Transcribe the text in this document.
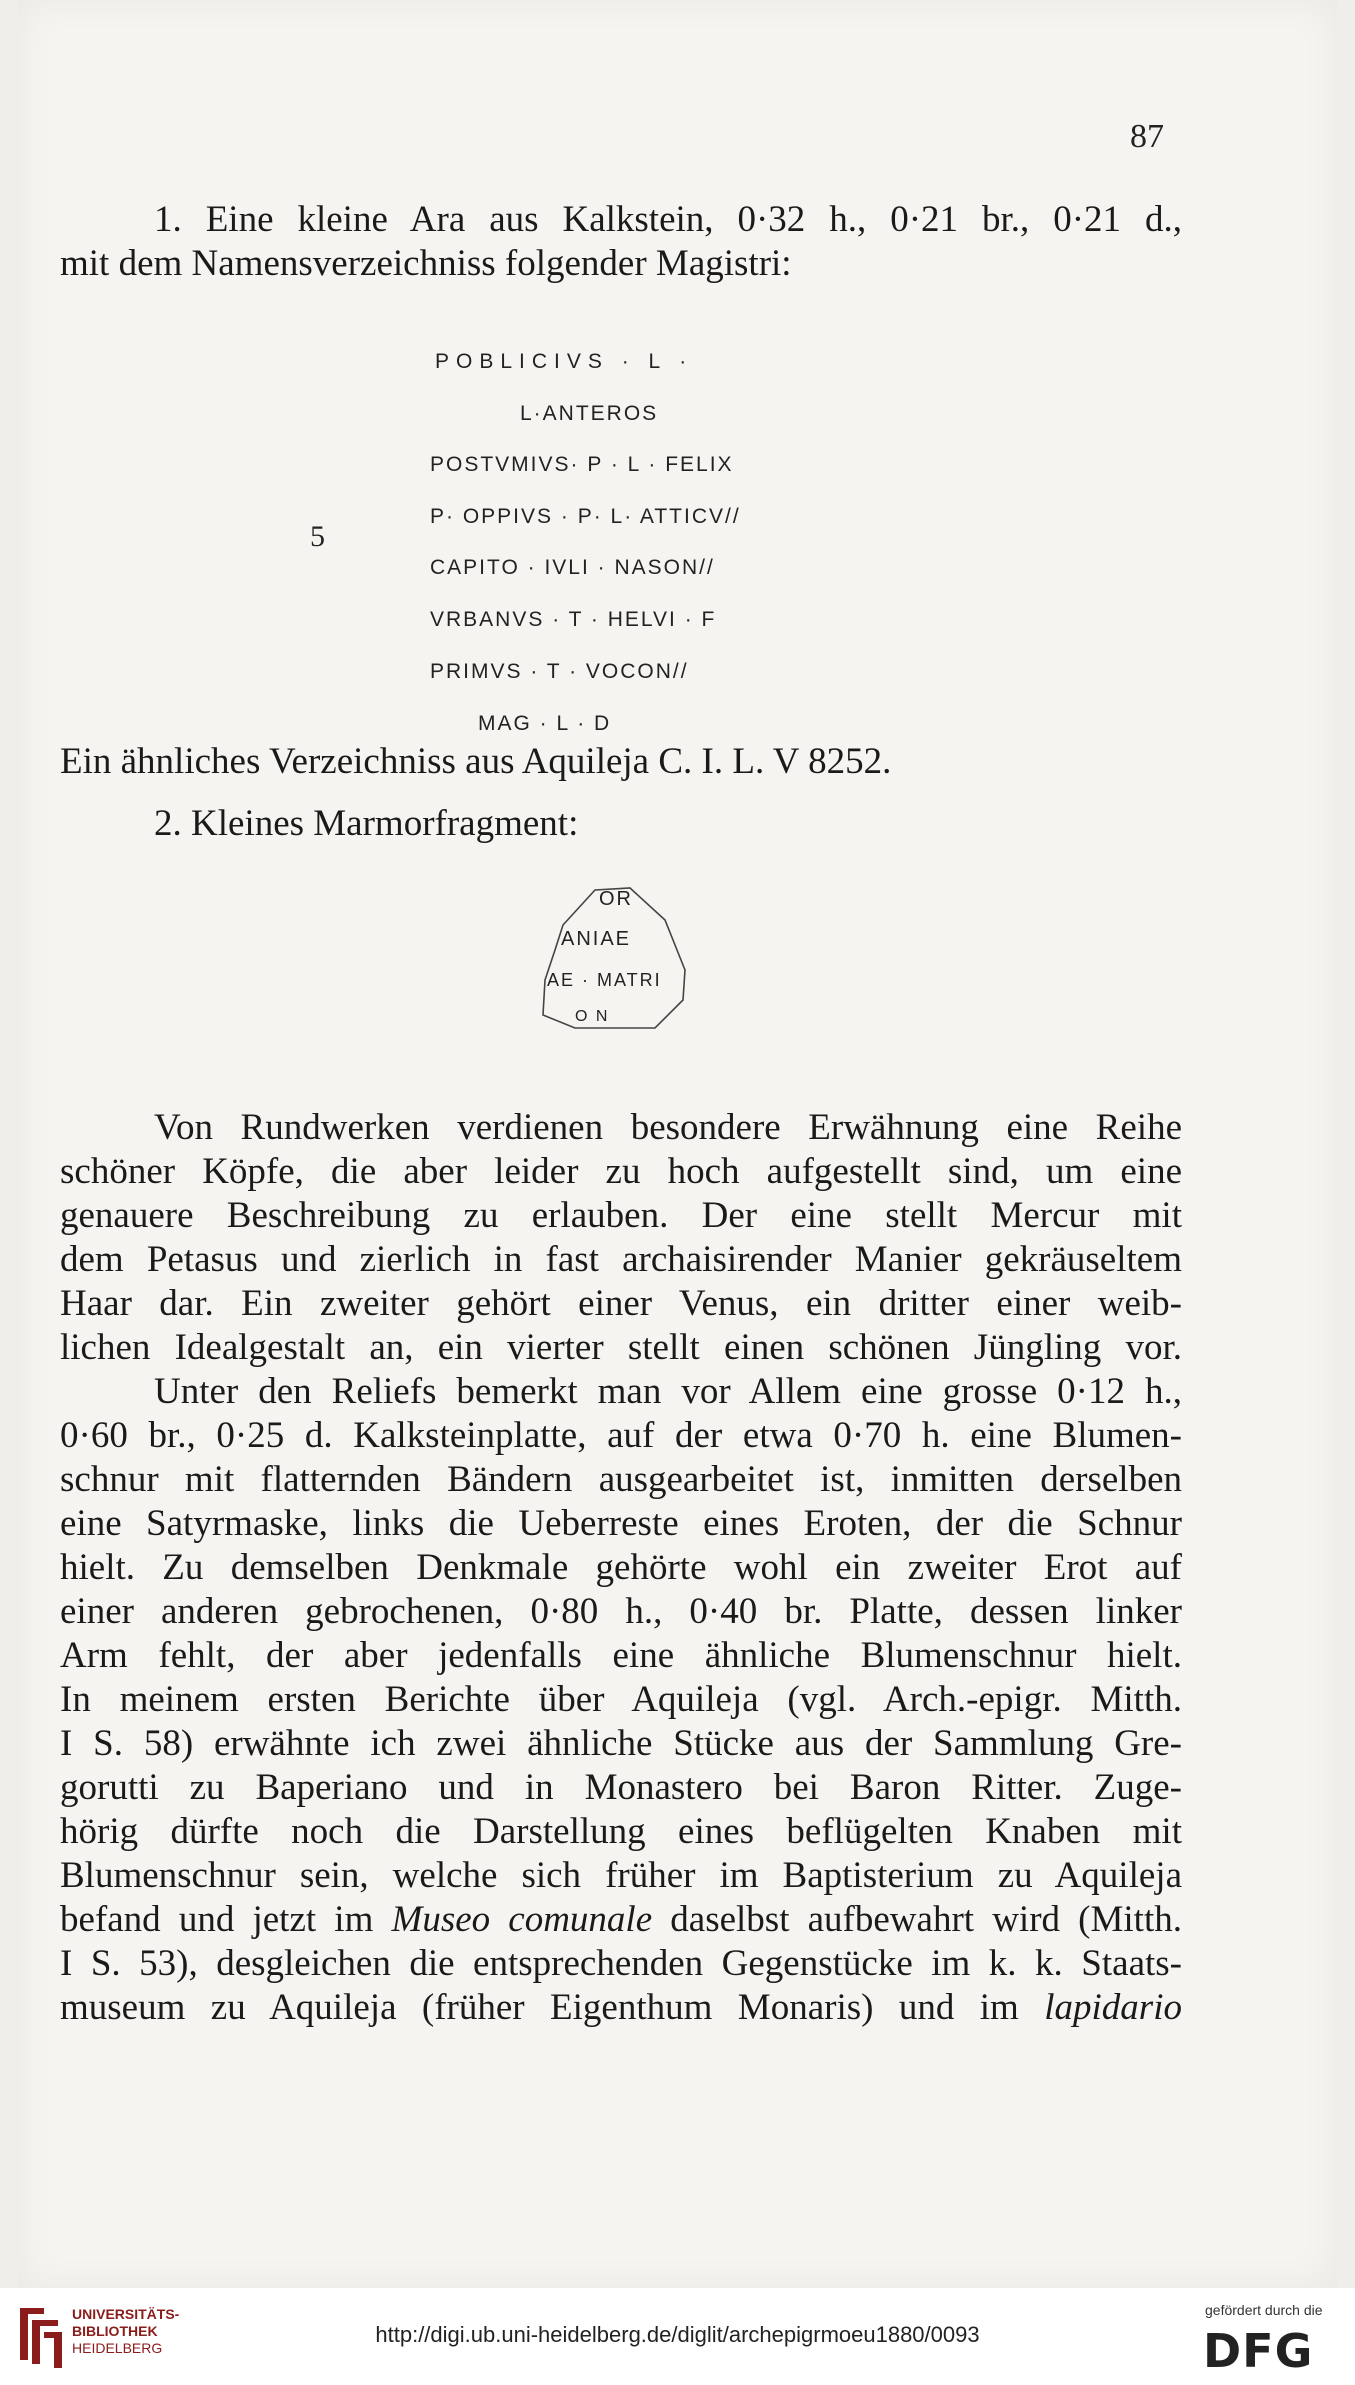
87
1. Eine kleine Ara aus Kalkstein, 0·32 h., 0·21 br., 0·21 d.,
mit dem Namensverzeichniss folgender Magistri:
POBLICIVS · L ·
L·ANTEROS
POSTVMIVS· P · L · FELIX
P· OPPIVS · P· L· ATTICV//
5
CAPITO · IVLI · NASON//
VRBANVS · T · HELVI · F
PRIMVS · T · VOCON//
MAG · L · D
Ein ähnliches Verzeichniss aus Aquileja C. I. L. V 8252.
2. Kleines Marmorfragment:
OR
ANIAE
AE · MATRI
O N
Von Rundwerken verdienen besondere Erwähnung eine Reihe
schöner Köpfe, die aber leider zu hoch aufgestellt sind, um eine
genauere Beschreibung zu erlauben. Der eine stellt Mercur mit
dem Petasus und zierlich in fast archaisirender Manier gekräuseltem
Haar dar. Ein zweiter gehört einer Venus, ein dritter einer weib-
lichen Idealgestalt an, ein vierter stellt einen schönen Jüngling vor.
Unter den Reliefs bemerkt man vor Allem eine grosse 0·12 h.,
0·60 br., 0·25 d. Kalksteinplatte, auf der etwa 0·70 h. eine Blumen-
schnur mit flatternden Bändern ausgearbeitet ist, inmitten derselben
eine Satyrmaske, links die Ueberreste eines Eroten, der die Schnur
hielt. Zu demselben Denkmale gehörte wohl ein zweiter Erot auf
einer anderen gebrochenen, 0·80 h., 0·40 br. Platte, dessen linker
Arm fehlt, der aber jedenfalls eine ähnliche Blumenschnur hielt.
In meinem ersten Berichte über Aquileja (vgl. Arch.-epigr. Mitth.
I S. 58) erwähnte ich zwei ähnliche Stücke aus der Sammlung Gre-
gorutti zu Baperiano und in Monastero bei Baron Ritter. Zuge-
hörig dürfte noch die Darstellung eines beflügelten Knaben mit
Blumenschnur sein, welche sich früher im Baptisterium zu Aquileja
befand und jetzt im Museo comunale daselbst aufbewahrt wird (Mitth.
I S. 53), desgleichen die entsprechenden Gegenstücke im k. k. Staats-
museum zu Aquileja (früher Eigenthum Monaris) und im lapidario
UNIVERSITÄTS-
BIBLIOTHEK
HEIDELBERG
http://digi.ub.uni-heidelberg.de/diglit/archepigrmoeu1880/0093
gefördert durch die
DFG
